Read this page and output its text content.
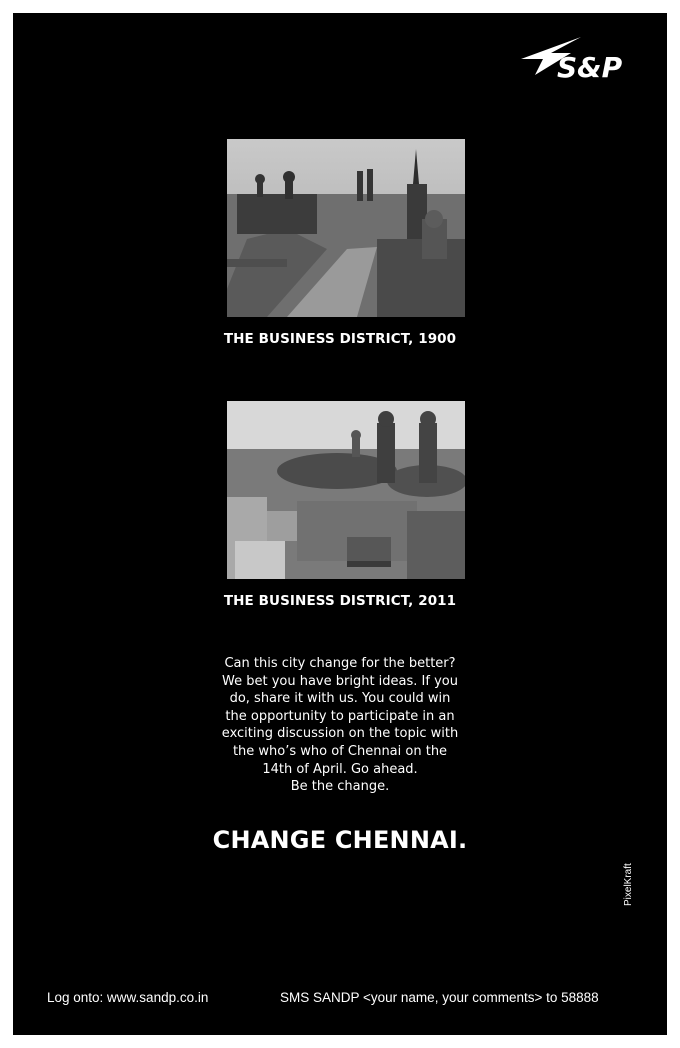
S&P
THE BUSINESS DISTRICT, 1900
THE BUSINESS DISTRICT, 2011
Can this city change for the better?
We bet you have bright ideas. If you
do, share it with us. You could win
the opportunity to participate in an
exciting discussion on the topic with
the who’s who of Chennai on the
14th of April. Go ahead.
Be the change.
CHANGE CHENNAI.
PixelKraft
Log onto: www.sandp.co.in	SMS SANDP <your name, your comments> to 58888
